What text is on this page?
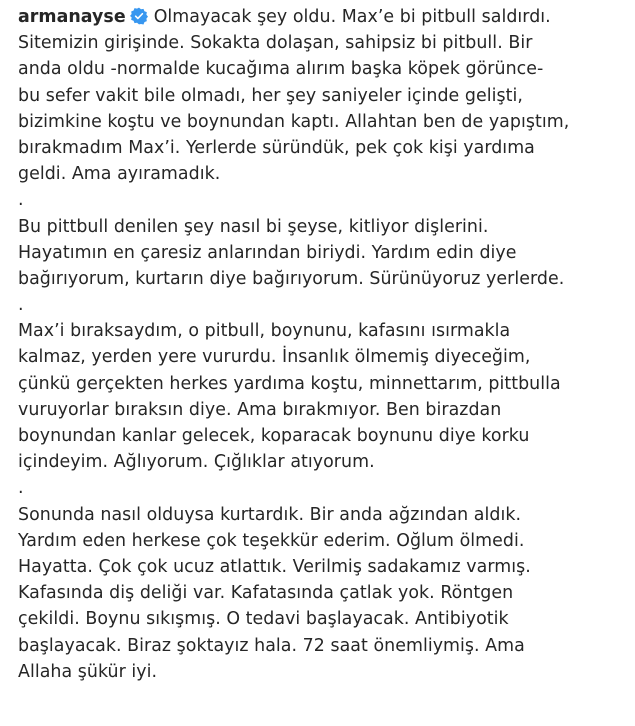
armanayse Olmayacak şey oldu. Max’e bi pitbull saldırdı.
Sitemizin girişinde. Sokakta dolaşan, sahipsiz bi pitbull. Bir
anda oldu -normalde kucağıma alırım başka köpek görünce-
bu sefer vakit bile olmadı, her şey saniyeler içinde gelişti,
bizimkine koştu ve boynundan kaptı. Allahtan ben de yapıştım,
bırakmadım Max’i. Yerlerde süründük, pek çok kişi yardıma
geldi. Ama ayıramadık.
.
Bu pittbull denilen şey nasıl bi şeyse, kitliyor dişlerini.
Hayatımın en çaresiz anlarından biriydi. Yardım edin diye
bağırıyorum, kurtarın diye bağırıyorum. Sürünüyoruz yerlerde.
.
Max’i bıraksaydım, o pitbull, boynunu, kafasını ısırmakla
kalmaz, yerden yere vururdu. İnsanlık ölmemiş diyeceğim,
çünkü gerçekten herkes yardıma koştu, minnettarım, pittbulla
vuruyorlar bıraksın diye. Ama bırakmıyor. Ben birazdan
boynundan kanlar gelecek, koparacak boynunu diye korku
içindeyim. Ağlıyorum. Çığlıklar atıyorum.
.
Sonunda nasıl olduysa kurtardık. Bir anda ağzından aldık.
Yardım eden herkese çok teşekkür ederim. Oğlum ölmedi.
Hayatta. Çok çok ucuz atlattık. Verilmiş sadakamız varmış.
Kafasında diş deliği var. Kafatasında çatlak yok. Röntgen
çekildi. Boynu sıkışmış. O tedavi başlayacak. Antibiyotik
başlayacak. Biraz şoktayız hala. 72 saat önemliymiş. Ama
Allaha şükür iyi.
